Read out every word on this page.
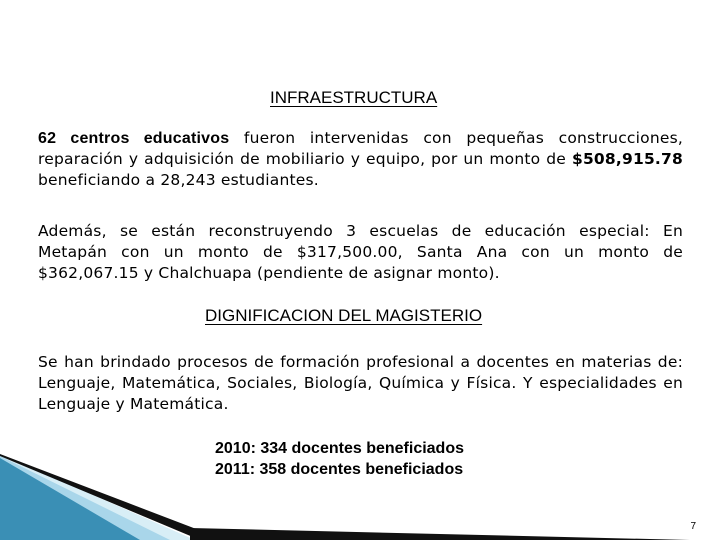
INFRAESTRUCTURA
62 centros educativos fueron intervenidas con pequeñas construcciones, reparación y adquisición de mobiliario y equipo, por un monto de $508,915.78 beneficiando a 28,243 estudiantes.
Además, se están reconstruyendo 3 escuelas de educación especial: En Metapán con un monto de $317,500.00, Santa Ana con un monto de $362,067.15 y Chalchuapa (pendiente de asignar monto).
DIGNIFICACION DEL MAGISTERIO
Se han brindado procesos de formación profesional a docentes en materias de: Lenguaje, Matemática, Sociales, Biología, Química y Física. Y especialidades en Lenguaje y Matemática.
2010: 334 docentes beneficiados
2011: 358 docentes beneficiados
7
